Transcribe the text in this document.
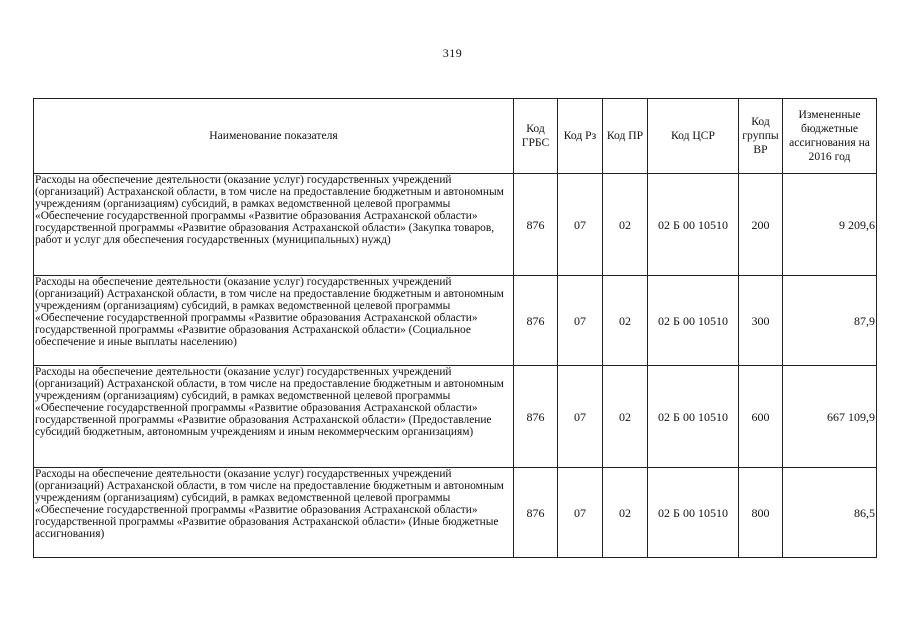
319
Наименование показателя	Код ГРБС	Код Рз	Код ПР	Код ЦСР	Код группы ВР	Измененные бюджетные ассигнования на 2016 год
Расходы на обеспечение деятельности (оказание услуг) государственных учреждений (организаций) Астраханской области, в том числе на предоставление бюджетным и автономным учреждениям (организациям) субсидий, в рамках ведомственной целевой программы «Обеспечение государственной программы «Развитие образования Астраханской области» государственной программы «Развитие образования Астраханской области» (Закупка товаров, работ и услуг для обеспечения государственных (муниципальных) нужд)	876	07	02	02 Б 00 10510	200	9 209,6
Расходы на обеспечение деятельности (оказание услуг) государственных учреждений (организаций) Астраханской области, в том числе на предоставление бюджетным и автономным учреждениям (организациям) субсидий, в рамках ведомственной целевой программы «Обеспечение государственной программы «Развитие образования Астраханской области» государственной программы «Развитие образования Астраханской области» (Социальное обеспечение и иные выплаты населению)	876	07	02	02 Б 00 10510	300	87,9
Расходы на обеспечение деятельности (оказание услуг) государственных учреждений (организаций) Астраханской области, в том числе на предоставление бюджетным и автономным учреждениям (организациям) субсидий, в рамках ведомственной целевой программы «Обеспечение государственной программы «Развитие образования Астраханской области» государственной программы «Развитие образования Астраханской области» (Предоставление субсидий бюджетным, автономным учреждениям и иным некоммерческим организациям)	876	07	02	02 Б 00 10510	600	667 109,9
Расходы на обеспечение деятельности (оказание услуг) государственных учреждений (организаций) Астраханской области, в том числе на предоставление бюджетным и автономным учреждениям (организациям) субсидий, в рамках ведомственной целевой программы «Обеспечение государственной программы «Развитие образования Астраханской области» государственной программы «Развитие образования Астраханской области» (Иные бюджетные ассигнования)	876	07	02	02 Б 00 10510	800	86,5
